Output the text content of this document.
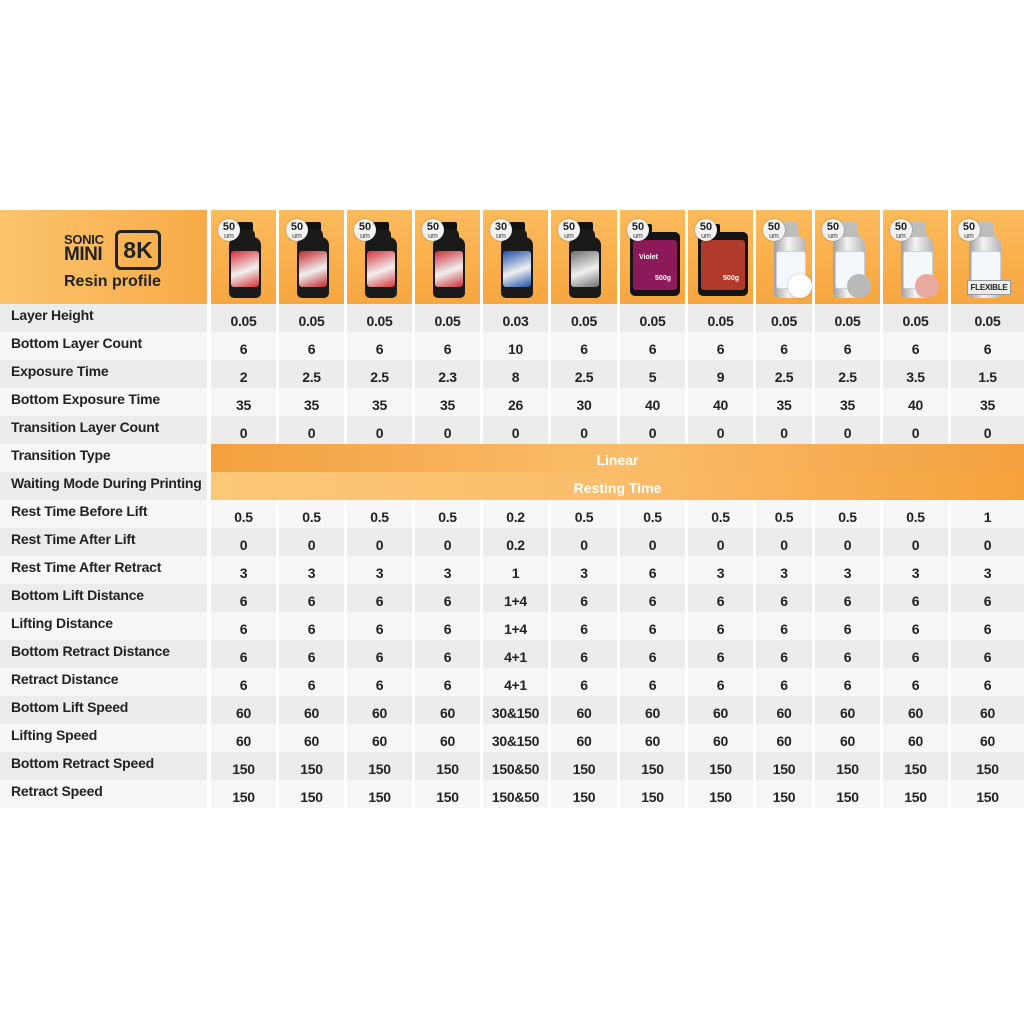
SONIC
MINI 8K
Resin profile
50
um
50
um
50
um
50
um
30
um
50
um
Violet
500g
50
um
500g
50
um
50
um
50
um
50
um
50
um
FLEXIBLE
Layer Height	0.05	0.05	0.05	0.05	0.03	0.05	0.05	0.05	0.05	0.05	0.05	0.05
Bottom Layer Count	6	6	6	6	10	6	6	6	6	6	6	6
Exposure Time	2	2.5	2.5	2.3	8	2.5	5	9	2.5	2.5	3.5	1.5
Bottom Exposure Time	35	35	35	35	26	30	40	40	35	35	40	35
Transition Layer Count	0	0	0	0	0	0	0	0	0	0	0	0
Transition Type	Linear
Waiting Mode During Printing	Resting Time
Rest Time Before Lift	0.5	0.5	0.5	0.5	0.2	0.5	0.5	0.5	0.5	0.5	0.5	1
Rest Time After Lift	0	0	0	0	0.2	0	0	0	0	0	0	0
Rest Time After Retract	3	3	3	3	1	3	6	3	3	3	3	3
Bottom Lift Distance	6	6	6	6	1+4	6	6	6	6	6	6	6
Lifting Distance	6	6	6	6	1+4	6	6	6	6	6	6	6
Bottom Retract Distance	6	6	6	6	4+1	6	6	6	6	6	6	6
Retract Distance	6	6	6	6	4+1	6	6	6	6	6	6	6
Bottom Lift Speed	60	60	60	60	30&150	60	60	60	60	60	60	60
Lifting Speed	60	60	60	60	30&150	60	60	60	60	60	60	60
Bottom Retract Speed	150	150	150	150	150&50	150	150	150	150	150	150	150
Retract Speed	150	150	150	150	150&50	150	150	150	150	150	150	150
